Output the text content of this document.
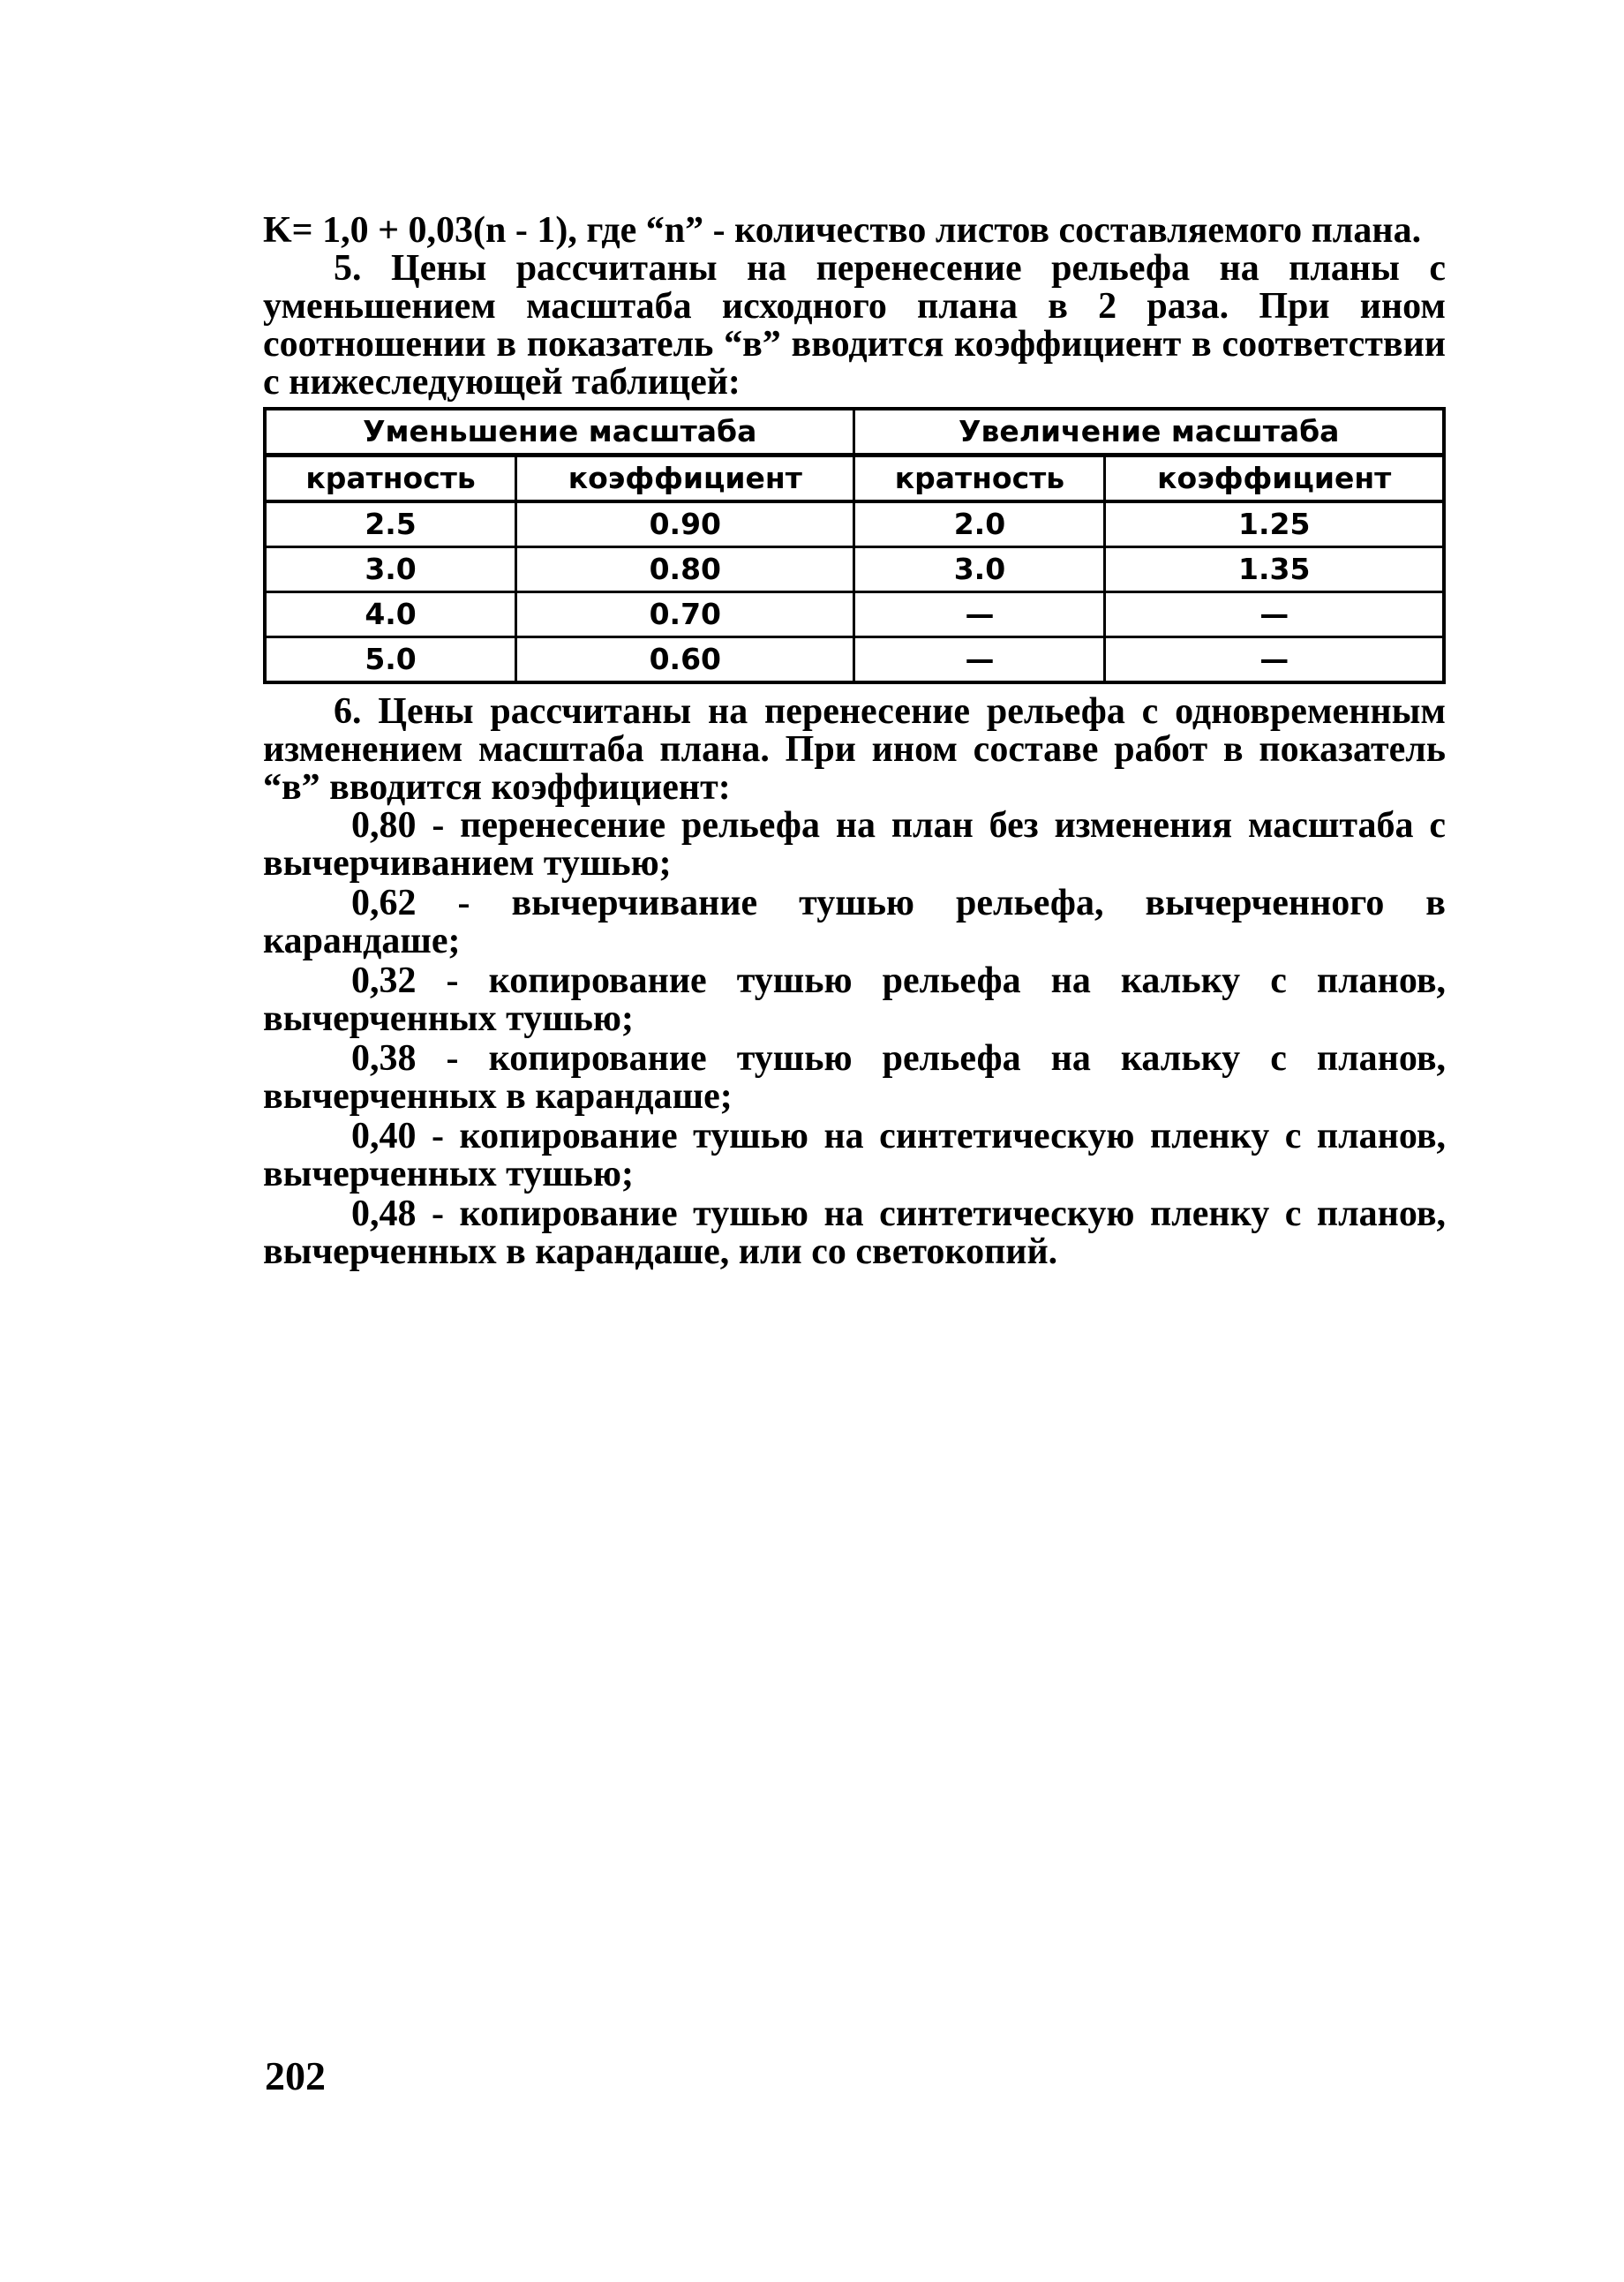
K= 1,0 + 0,03(n - 1), где “n” - количество листов составляемого плана.

5. Цены рассчитаны на перенесение рельефа на планы с уменьшением масштаба исходного плана в 2 раза. При ином соотношении в показатель “в” вводится коэффициент в соответствии с нижеследующей таблицей:

Уменьшение масштаба		Увеличение масштаба	
кратность	коэффициент	кратность	коэффициент
2.5	0.90	2.0	1.25
3.0	0.80	3.0	1.35
4.0	0.70	—	—
5.0	0.60	—	—

6. Цены рассчитаны на перенесение рельефа с одновременным изменением масштаба плана. При ином составе работ в показатель “в” вводится коэффициент:

0,80 - перенесение рельефа на план без изменения масштаба с вычерчиванием тушью;
0,62 - вычерчивание тушью рельефа, вычерченного в карандаше;
0,32 - копирование тушью рельефа на кальку с планов, вычерченных тушью;
0,38 - копирование тушью рельефа на кальку с планов, вычерченных в карандаше;
0,40 - копирование тушью на синтетическую пленку с планов, вычерченных тушью;
0,48 - копирование тушью на синтетическую пленку с планов, вычерченных в карандаше, или со светокопий.
202
